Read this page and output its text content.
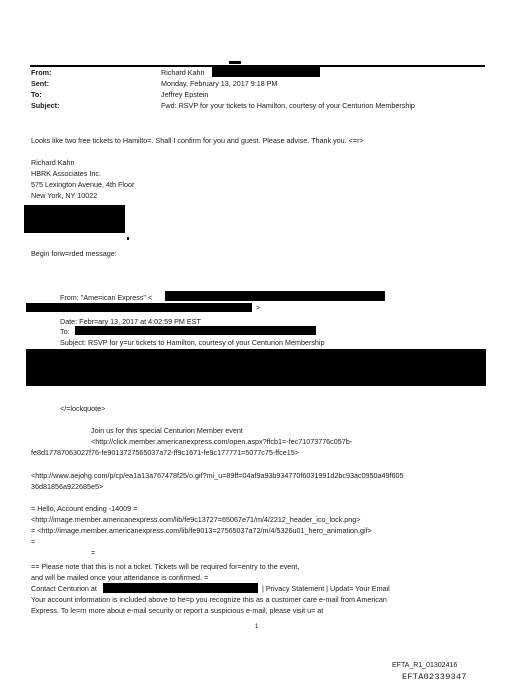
From:	Richard Kahn
Sent:	Monday, February 13, 2017 9:18 PM
To:	Jeffrey Epstein
Subject:	Fwd: RSVP for your tickets to Hamilton, courtesy of your Centurion Membership
Looks like two free tickets to Hamilto=. Shall I confirm for you and guest. Please advise. Thank you. <=r>
Richard Kahn
HBRK Associates Inc.
575 Lexington Avenue, 4th Floor
New York, NY 10022
Begin forw=rded message:
From: "Ame=ican Express" <
>
Date: Febr=ary 13, 2017 at 4:02:59 PM EST
To:
Subject: RSVP for y=ur tickets to Hamilton, courtesy of your Centurion Membership
</=lockquote>
Join us for this special Centurion Member event
<http://click.member.americanexpress.com/open.aspx?ffcb1=-fec71073776c057b-
fe8d17787063027f76-fe9013727565037a72-ff9c1671-fe9c177771=5077c75-ffce15>
<http://www.aejohg.com/p/cp/ea1a13a767478f25/o.gif?mi_u=89ff=04af9a93b934770f6031991d2bc93ac0950a49f605
36d81856a922685e5>
= Hello, Account ending -14009 =
<http://image.member.americanexpress.com/lib/fe9c13727=65067e71/m/4/2212_header_ico_lock.png>
= <http://image.member.americanexpress.com/lib/fe9013=27565037a72/m/4/5326u01_hero_animation.gif>
=
=
== Please note that this is not a ticket. Tickets will be required for=entry to the event,
and will be mailed once your attendance is confirmed. =
Contact Centurion at	| Privacy Statement | Updat= Your Email
Your account information is included above to he=p you recognize this as a customer care e-mail from American
Express. To le=rn more about e-mail security or report a suspicious e-mail, please visit u= at
1
EFTA_R1_01302416
EFTA02339347
